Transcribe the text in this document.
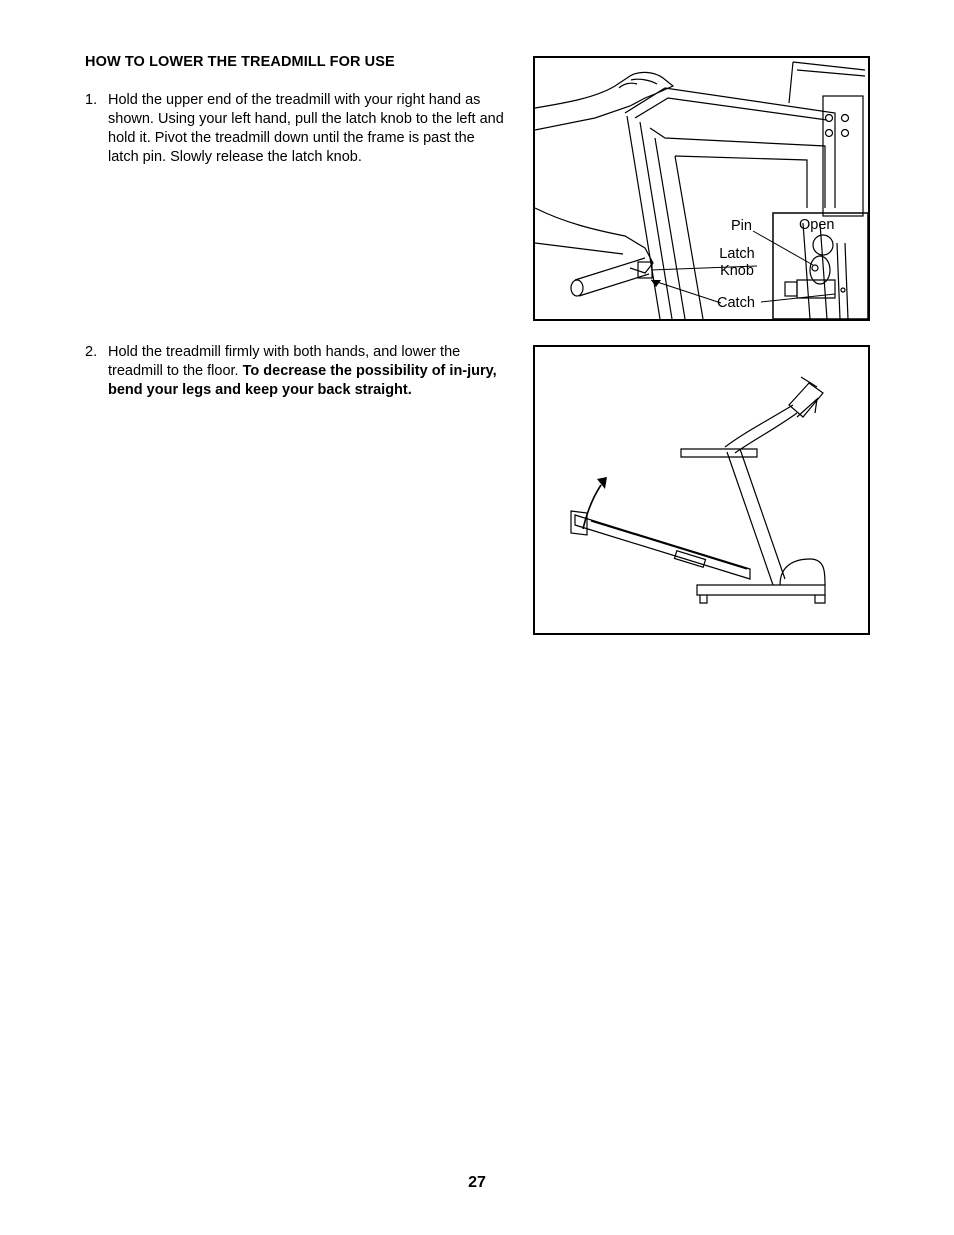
HOW TO LOWER THE TREADMILL FOR USE
1. Hold the upper end of the treadmill with your right hand as shown. Using your left hand, pull the latch knob to the left and hold it. Pivot the treadmill down until the frame is past the latch pin. Slowly release the latch knob.
2. Hold the treadmill firmly with both hands, and lower the treadmill to the floor. To decrease the possibility of in-jury, bend your legs and keep your back straight.
Pin
Latch Knob
Catch
Open
27
